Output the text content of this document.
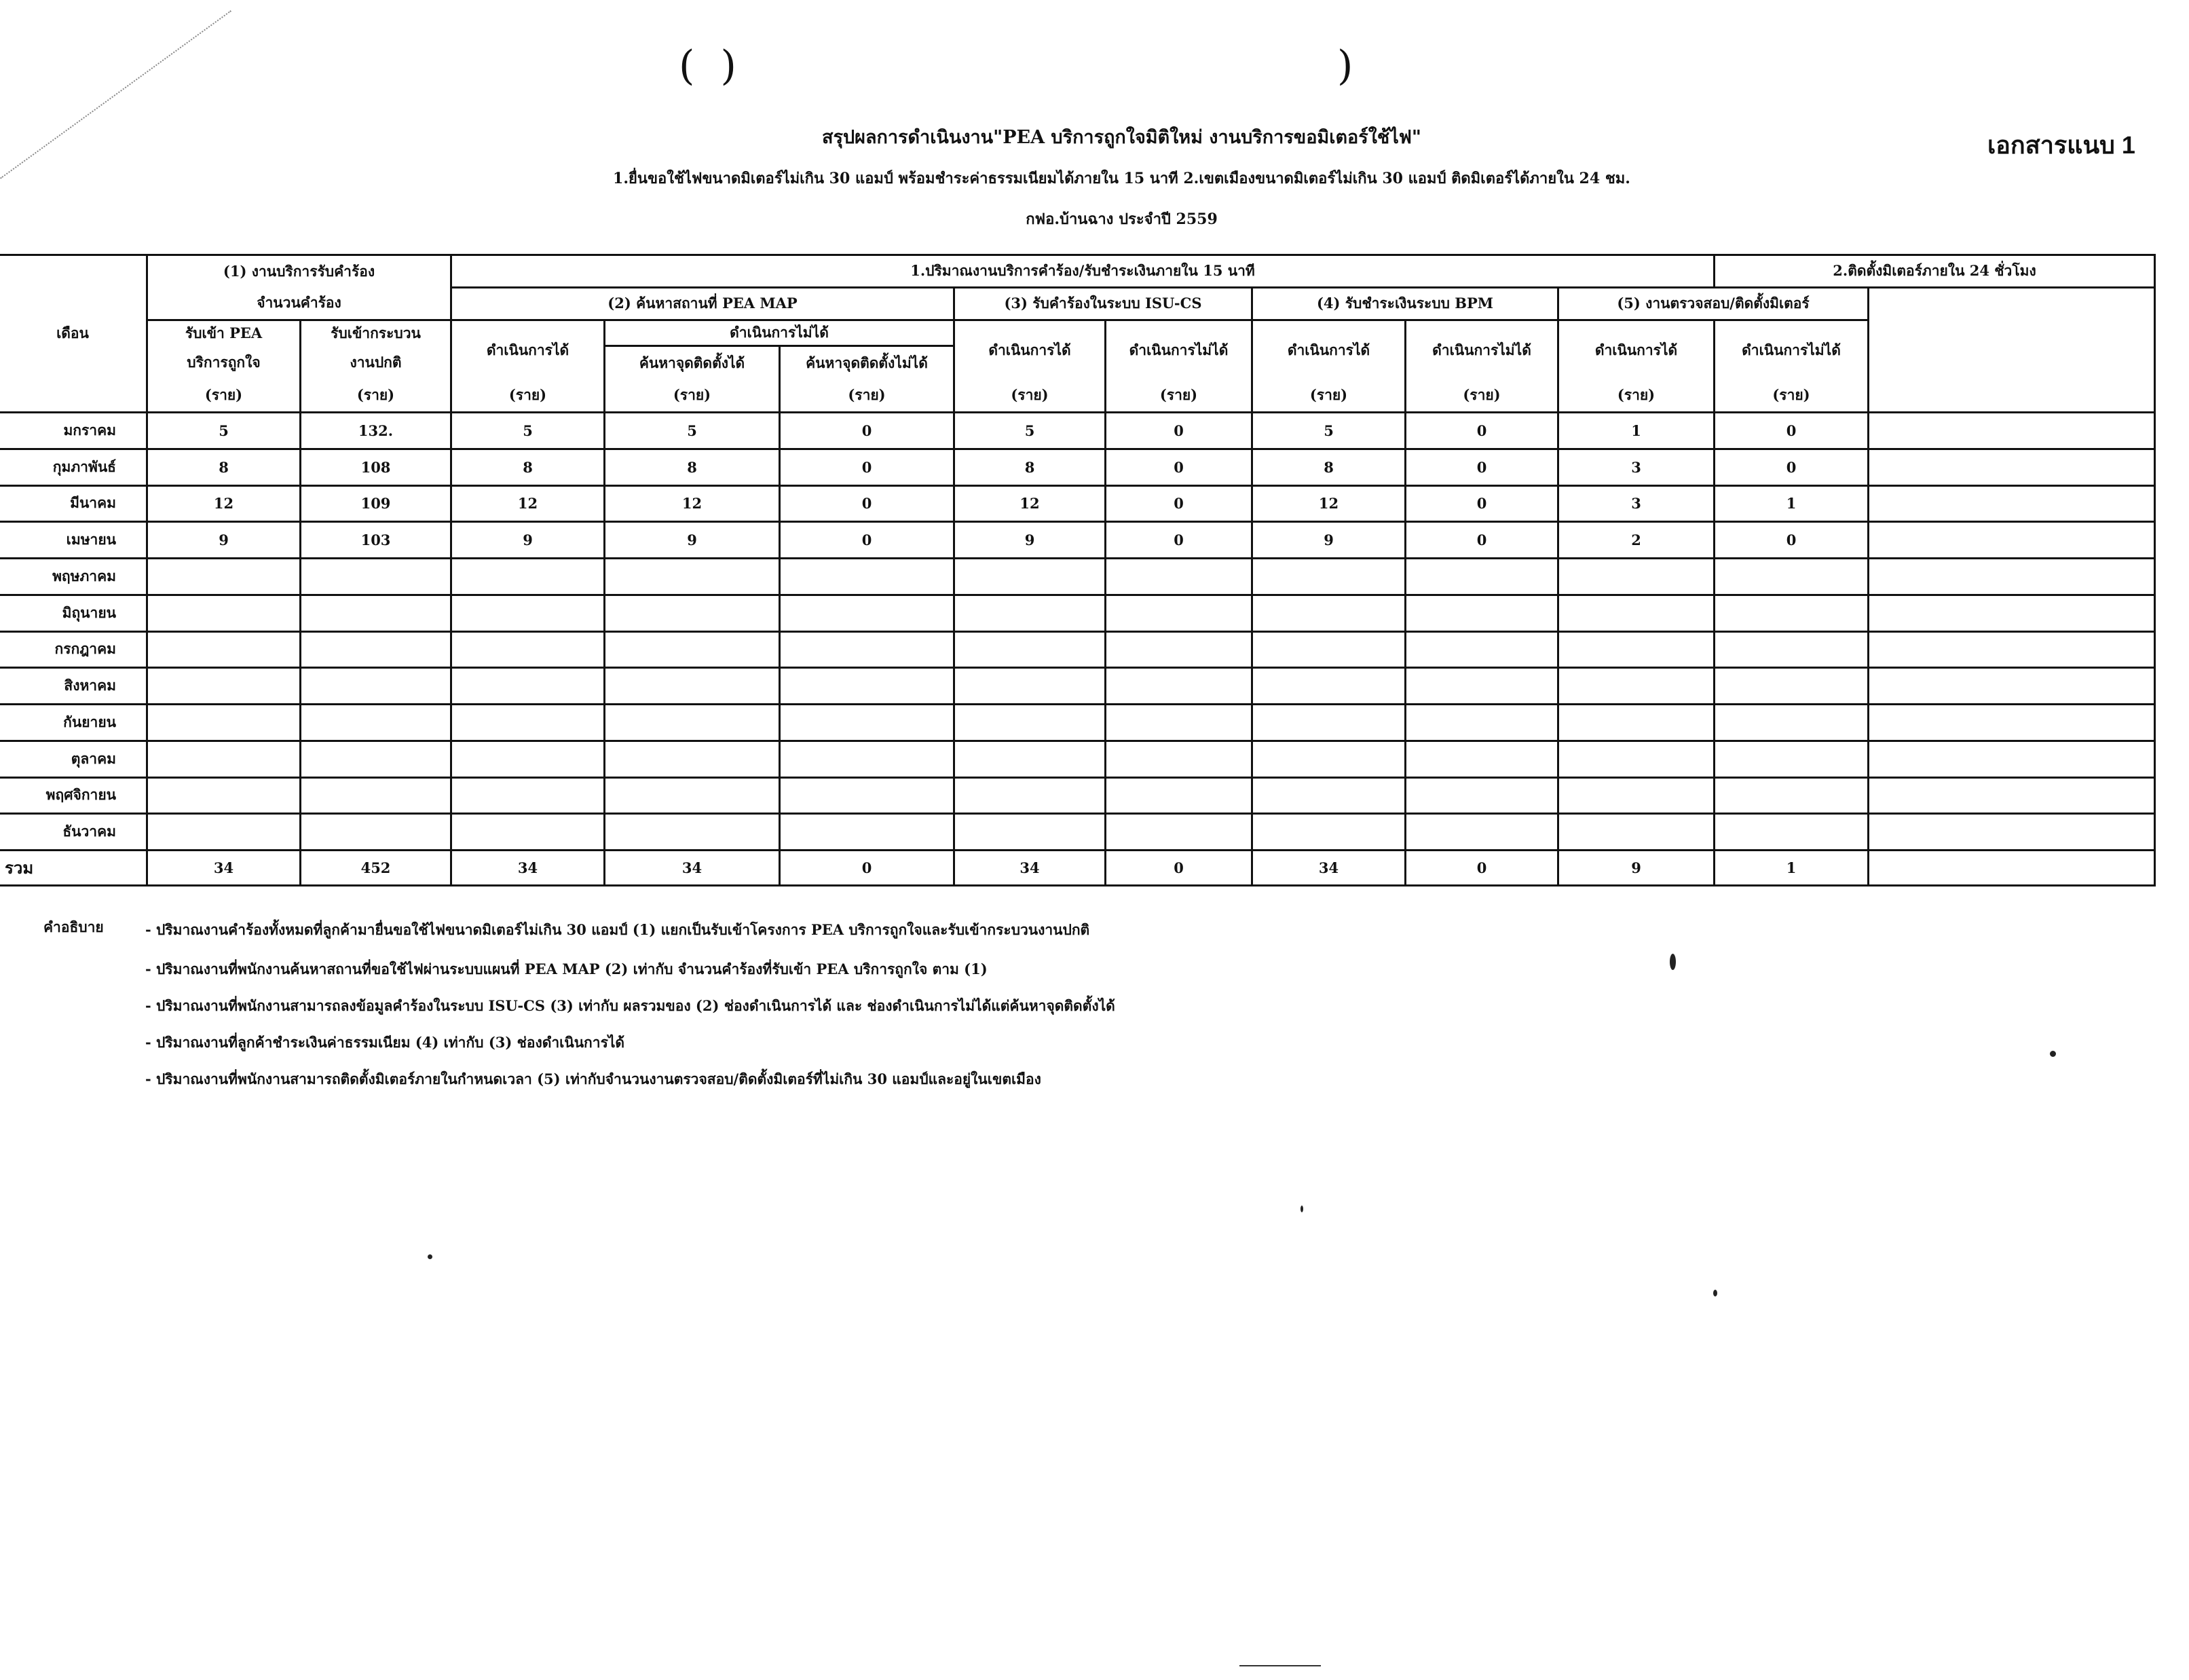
(  )	)
เอกสารแนบ 1
สรุปผลการดำเนินงาน"PEA บริการถูกใจมิติใหม่ งานบริการขอมิเตอร์ใช้ไฟ"
1.ยื่นขอใช้ไฟขนาดมิเตอร์ไม่เกิน 30 แอมป์ พร้อมชำระค่าธรรมเนียมได้ภายใน 15 นาที 2.เขตเมืองขนาดมิเตอร์ไม่เกิน 30 แอมป์ ติดมิเตอร์ได้ภายใน 24 ชม.
กฟอ.บ้านฉาง ประจำปี 2559
เดือน	(1) งานบริการรับคำร้อง		1.ปริมาณงานบริการคำร้อง/รับชำระเงินภายใน 15 นาที								2.ติดตั้งมิเตอร์ภายใน 24 ชั่วโมง	
	จำนวนคำร้อง		(2) ค้นหาสถานที่ PEA MAP			(3) รับคำร้องในระบบ ISU-CS		(4) รับชำระเงินระบบ BPM		(5) งานตรวจสอบ/ติดตั้งมิเตอร์			
	รับเข้า PEA	รับเข้ากระบวน	ดำเนินการได้	ดำเนินการไม่ได้		ดำเนินการได้	ดำเนินการไม่ได้	ดำเนินการได้	ดำเนินการไม่ได้	ดำเนินการได้	ดำเนินการไม่ได้		
	บริการถูกใจ	งานปกติ		ค้นหาจุดติดตั้งได้	ค้นหาจุดติดตั้งไม่ได้								
	(ราย)	(ราย)	(ราย)	(ราย)	(ราย)	(ราย)	(ราย)	(ราย)	(ราย)	(ราย)	(ราย)		
มกราคม	5	132.	5	5	0	5	0	5	0	1	0		
กุมภาพันธ์	8	108	8	8	0	8	0	8	0	3	0		
มีนาคม	12	109	12	12	0	12	0	12	0	3	1		
เมษายน	9	103	9	9	0	9	0	9	0	2	0		
พฤษภาคม													
มิถุนายน													
กรกฎาคม													
สิงหาคม													
กันยายน													
ตุลาคม													
พฤศจิกายน													
ธันวาคม													
รวม	34	452	34	34	0	34	0	34	0	9	1		
คำอธิบาย	- ปริมาณงานคำร้องทั้งหมดที่ลูกค้ามายื่นขอใช้ไฟขนาดมิเตอร์ไม่เกิน 30 แอมป์ (1) แยกเป็นรับเข้าโครงการ PEA บริการถูกใจและรับเข้ากระบวนงานปกติ
- ปริมาณงานที่พนักงานค้นหาสถานที่ขอใช้ไฟผ่านระบบแผนที่ PEA MAP (2) เท่ากับ จำนวนคำร้องที่รับเข้า PEA บริการถูกใจ ตาม (1)
- ปริมาณงานที่พนักงานสามารถลงข้อมูลคำร้องในระบบ ISU-CS (3) เท่ากับ ผลรวมของ (2) ช่องดำเนินการได้ และ ช่องดำเนินการไม่ได้แต่ค้นหาจุดติดตั้งได้
- ปริมาณงานที่ลูกค้าชำระเงินค่าธรรมเนียม (4) เท่ากับ (3) ช่องดำเนินการได้
- ปริมาณงานที่พนักงานสามารถติดตั้งมิเตอร์ภายในกำหนดเวลา (5) เท่ากับจำนวนงานตรวจสอบ/ติดตั้งมิเตอร์ที่ไม่เกิน 30 แอมป์และอยู่ในเขตเมือง
